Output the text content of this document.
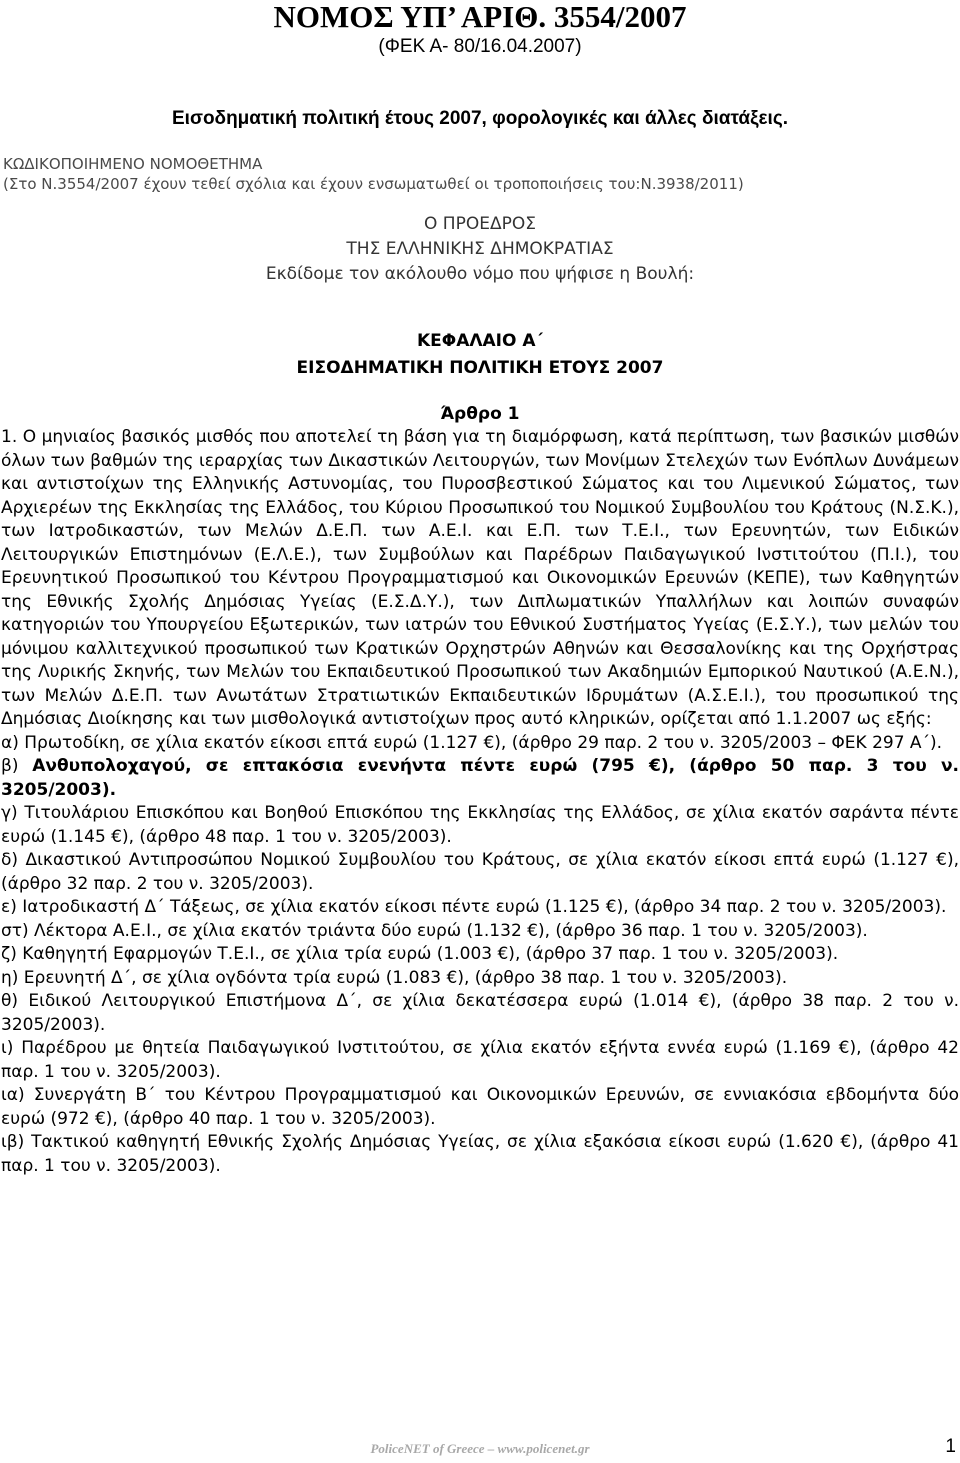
ΝΟΜΟΣ ΥΠ’ ΑΡΙΘ. 3554/2007
(ΦΕΚ Α- 80/16.04.2007)
Εισοδηματική πολιτική έτους 2007, φορολογικές και άλλες διατάξεις.
ΚΩΔΙΚΟΠΟΙΗΜΕΝΟ ΝΟΜΟΘΕΤΗΜΑ
(Στο Ν.3554/2007 έχουν τεθεί σχόλια και έχουν ενσωματωθεί οι τροποποιήσεις του:Ν.3938/2011)
Ο ΠΡΟΕΔΡΟΣ
ΤΗΣ ΕΛΛΗΝΙΚΗΣ ΔΗΜΟΚΡΑΤΙΑΣ
Εκδίδομε τον ακόλουθο νόμο που ψήφισε η Βουλή:
ΚΕΦΑΛΑΙΟ Α΄
ΕΙΣΟΔΗΜΑΤΙΚΗ ΠΟΛΙΤΙΚΗ ΕΤΟΥΣ 2007
Άρθρο 1

1. Ο μηνιαίος βασικός μισθός που αποτελεί τη βάση για τη διαμόρφωση, κατά περίπτωση, των βασικών μισθών όλων των βαθμών της ιεραρχίας των Δικαστικών Λειτουργών, των Μονίμων Στελεχών των Ενόπλων Δυνάμεων και αντιστοίχων της Ελληνικής Αστυνομίας, του Πυροσβεστικού Σώματος και του Λιμενικού Σώματος, των Αρχιερέων της Εκκλησίας της Ελλάδος, του Κύριου Προσωπικού του Νομικού Συμβουλίου του Κράτους (Ν.Σ.Κ.), των Ιατροδικαστών, των Μελών Δ.Ε.Π. των Α.Ε.Ι. και Ε.Π. των Τ.Ε.Ι., των Ερευνητών, των Ειδικών Λειτουργικών Επιστημόνων (Ε.Λ.Ε.), των Συμβούλων και Παρέδρων Παιδαγωγικού Ινστιτούτου (Π.Ι.), του Ερευνητικού Προσωπικού του Κέντρου Προγραμματισμού και Οικονομικών Ερευνών (ΚΕΠΕ), των Καθηγητών της Εθνικής Σχολής Δημόσιας Υγείας (Ε.Σ.Δ.Υ.), των Διπλωματικών Υπαλλήλων και λοιπών συναφών κατηγοριών του Υπουργείου Εξωτερικών, των ιατρών του Εθνικού Συστήματος Υγείας (Ε.Σ.Υ.), των μελών του μόνιμου καλλιτεχνικού προσωπικού των Κρατικών Ορχηστρών Αθηνών και Θεσσαλονίκης και της Ορχήστρας της Λυρικής Σκηνής, των Μελών του Εκπαιδευτικού Προσωπικού των Ακαδημιών Εμπορικού Ναυτικού (Α.Ε.Ν.), των Μελών Δ.Ε.Π. των Ανωτάτων Στρατιωτικών Εκπαιδευτικών Ιδρυμάτων (Α.Σ.Ε.Ι.), του προσωπικού της Δημόσιας Διοίκησης και των μισθολογικά αντιστοίχων προς αυτό κληρικών, ορίζεται από 1.1.2007 ως εξής:

α) Πρωτοδίκη, σε χίλια εκατόν είκοσι επτά ευρώ (1.127 €), (άρθρο 29 παρ. 2 του ν. 3205/2003 – ΦΕΚ 297 Α΄).

β) Ανθυπολοχαγού, σε επτακόσια ενενήντα πέντε ευρώ (795 €), (άρθρο 50 παρ. 3 του ν. 3205/2003).

γ) Τιτουλάριου Επισκόπου και Βοηθού Επισκόπου της Εκκλησίας της Ελλάδος, σε χίλια εκατόν σαράντα πέντε ευρώ (1.145 €), (άρθρο 48 παρ. 1 του ν. 3205/2003).

δ) Δικαστικού Αντιπροσώπου Νομικού Συμβουλίου του Κράτους, σε χίλια εκατόν είκοσι επτά ευρώ (1.127 €), (άρθρο 32 παρ. 2 του ν. 3205/2003).

ε) Ιατροδικαστή Δ΄ Τάξεως, σε χίλια εκατόν είκοσι πέντε ευρώ (1.125 €), (άρθρο 34 παρ. 2 του ν. 3205/2003).

στ) Λέκτορα Α.Ε.Ι., σε χίλια εκατόν τριάντα δύο ευρώ (1.132 €), (άρθρο 36 παρ. 1 του ν. 3205/2003).

ζ) Καθηγητή Εφαρμογών Τ.Ε.Ι., σε χίλια τρία ευρώ (1.003 €), (άρθρο 37 παρ. 1 του ν. 3205/2003).

η) Ερευνητή Δ΄, σε χίλια ογδόντα τρία ευρώ (1.083 €), (άρθρο 38 παρ. 1 του ν. 3205/2003).

θ) Ειδικού Λειτουργικού Επιστήμονα Δ΄, σε χίλια δεκατέσσερα ευρώ (1.014 €), (άρθρο 38 παρ. 2 του ν. 3205/2003).

ι) Παρέδρου με θητεία Παιδαγωγικού Ινστιτούτου, σε χίλια εκατόν εξήντα εννέα ευρώ (1.169 €), (άρθρο 42 παρ. 1 του ν. 3205/2003).

ια) Συνεργάτη Β΄ του Κέντρου Προγραμματισμού και Οικονομικών Ερευνών, σε εννιακόσια εβδομήντα δύο ευρώ (972 €), (άρθρο 40 παρ. 1 του ν. 3205/2003).

ιβ) Τακτικού καθηγητή Εθνικής Σχολής Δημόσιας Υγείας, σε χίλια εξακόσια είκοσι ευρώ (1.620 €), (άρθρο 41 παρ. 1 του ν. 3205/2003).

PoliceNET of Greece – www.policenet.gr	1
